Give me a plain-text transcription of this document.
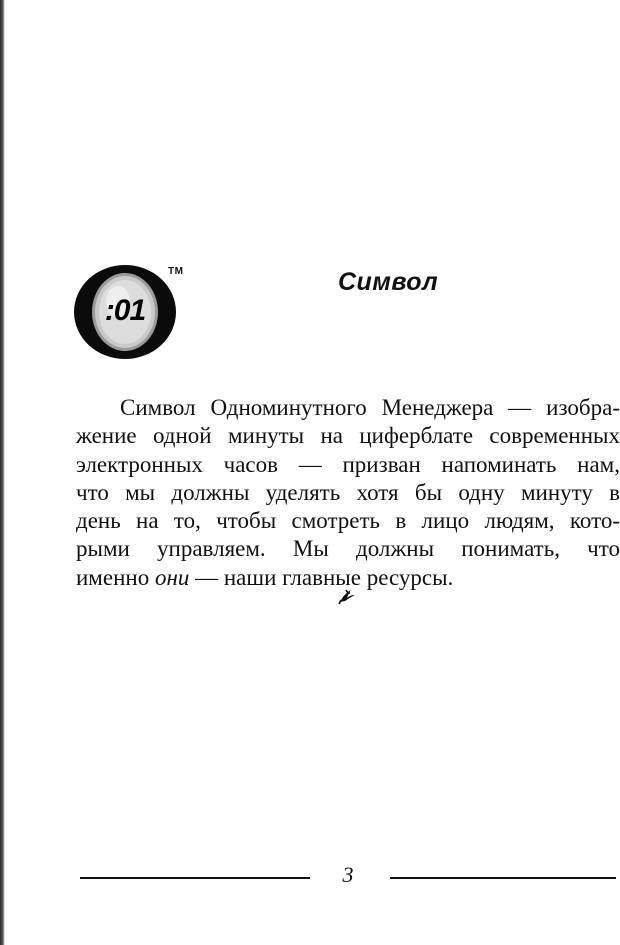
:01
TM	Символ

Символ Одноминутного Менеджера — изобра-
жение одной минуты на циферблате современных
электронных часов — призван напоминать нам,
что мы должны уделять хотя бы одну минуту в
день на то, чтобы смотреть в лицо людям, кото-
рыми управляем. Мы должны понимать, что
именно они — наши главные ресурсы.

3
